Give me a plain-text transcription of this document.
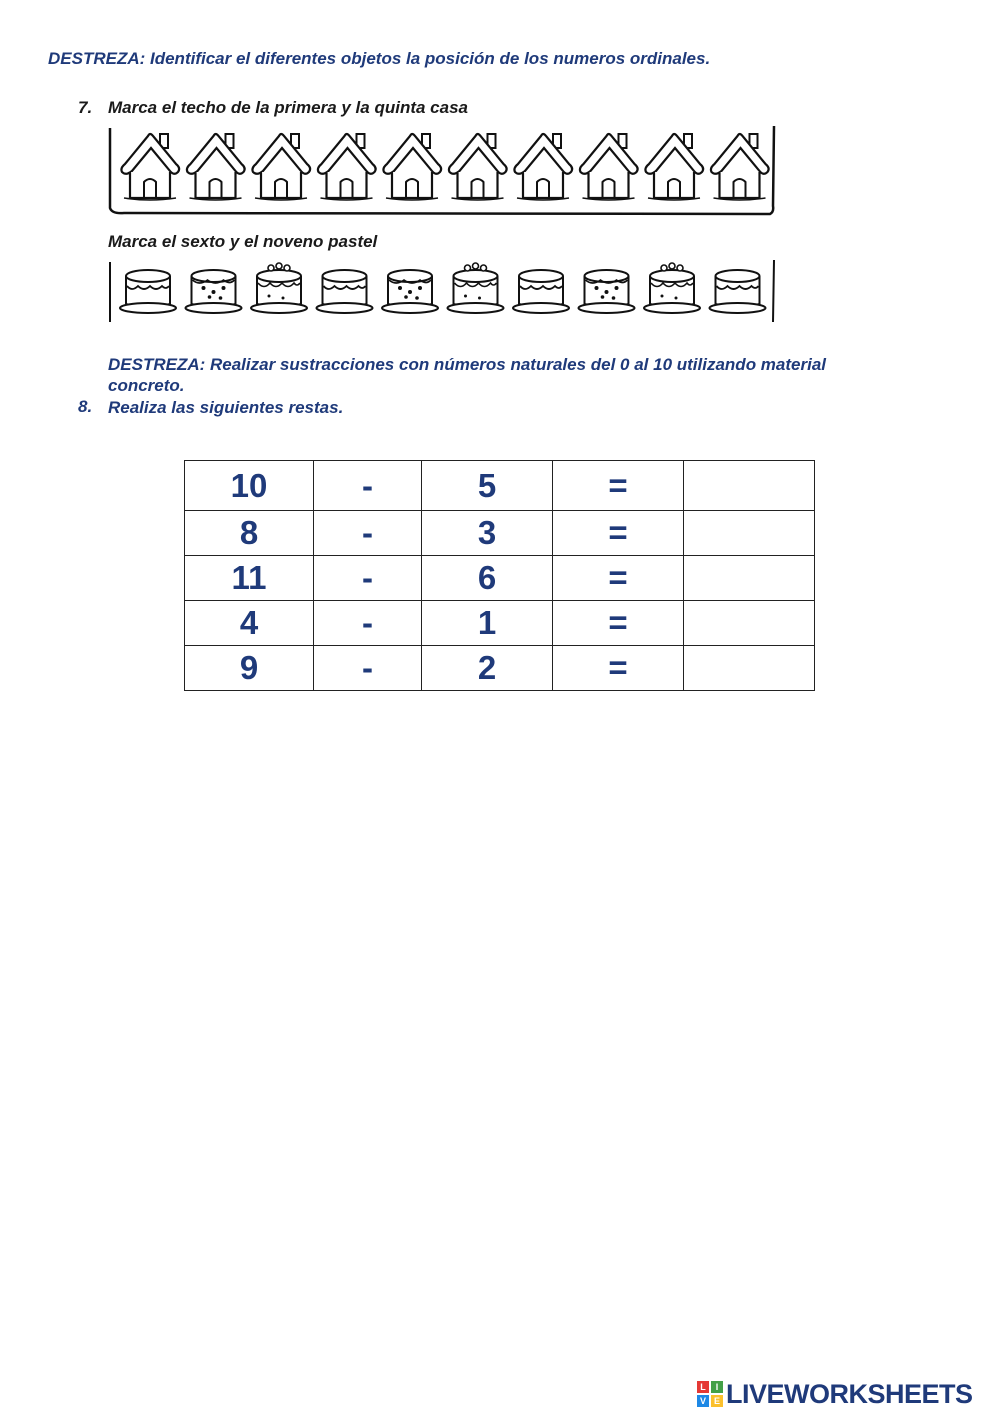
DESTREZA: Identificar el diferentes objetos la posición de los numeros ordinales.
7. Marca el techo de la primera y la quinta casa
Marca el sexto y el noveno pastel
DESTREZA: Realizar sustracciones con números naturales del 0 al 10 utilizando material
concreto.
8. Realiza las siguientes restas.
10	-	5	=	
8	-	3	=	
11	-	6	=	
4	-	1	=	
9	-	2	=	
L	I
V E LIVEWORKSHEETS
